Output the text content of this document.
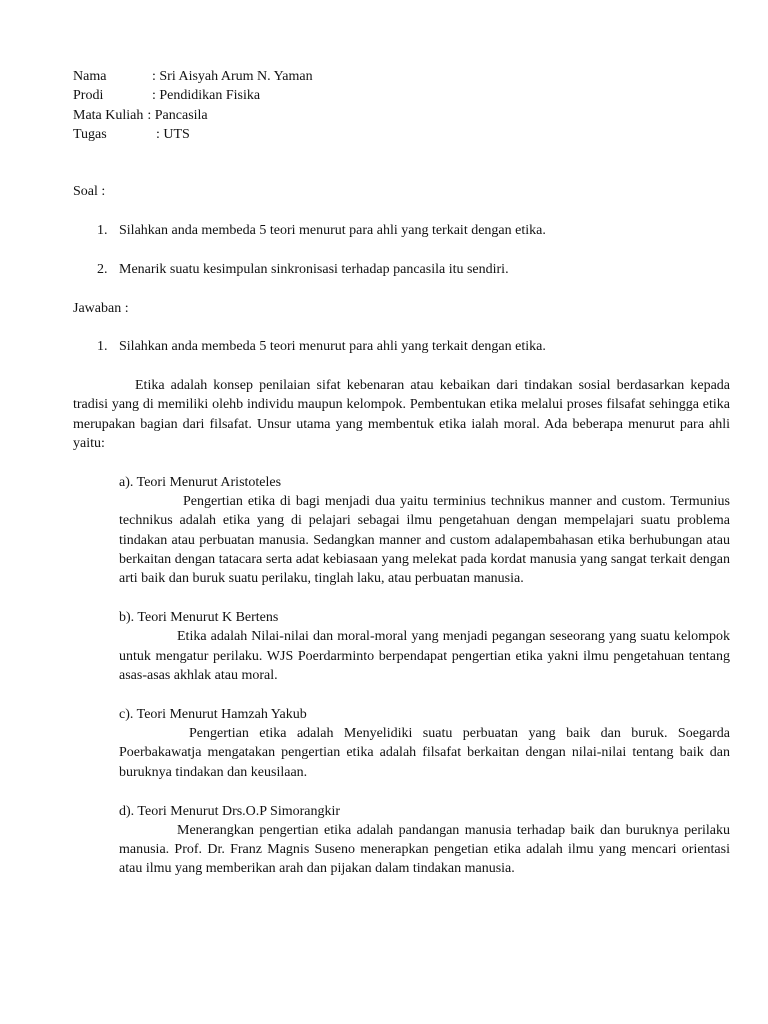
Nama	: Sri Aisyah Arum N. Yaman
Prodi	: Pendidikan Fisika
Mata Kuliah : Pancasila
Tugas	: UTS

Soal :

1. Silahkan anda membeda 5 teori menurut para ahli yang terkait dengan etika.
2. Menarik suatu kesimpulan sinkronisasi terhadap pancasila itu sendiri.

Jawaban :

1. Silahkan anda membeda 5 teori menurut para ahli yang terkait dengan etika.

Etika adalah konsep penilaian sifat kebenaran atau kebaikan dari tindakan sosial berdasarkan kepada tradisi yang di memiliki olehb individu maupun kelompok. Pembentukan etika melalui proses filsafat sehingga etika merupakan bagian dari filsafat. Unsur utama yang membentuk etika ialah moral. Ada beberapa menurut para ahli yaitu:

a). Teori Menurut Aristoteles

Pengertian etika di bagi menjadi dua yaitu terminius technikus manner and custom. Termunius technikus adalah etika yang di pelajari sebagai ilmu pengetahuan dengan mempelajari suatu problema tindakan atau perbuatan manusia. Sedangkan manner and custom adalapembahasan etika berhubungan atau berkaitan dengan tatacara serta adat kebiasaan yang melekat pada kordat manusia yang sangat terkait dengan arti baik dan buruk suatu perilaku, tinglah laku, atau perbuatan manusia.

b). Teori Menurut K Bertens

Etika adalah Nilai-nilai dan moral-moral yang menjadi pegangan seseorang yang suatu kelompok untuk mengatur perilaku. WJS Poerdarminto berpendapat pengertian etika yakni ilmu pengetahuan tentang asas-asas akhlak atau moral.

c). Teori Menurut Hamzah Yakub

Pengertian etika adalah Menyelidiki suatu perbuatan yang baik dan buruk. Soegarda Poerbakawatja mengatakan pengertian etika adalah filsafat berkaitan dengan nilai-nilai tentang baik dan buruknya tindakan dan keusilaan.

d). Teori Menurut Drs.O.P Simorangkir

Menerangkan pengertian etika adalah pandangan manusia terhadap baik dan buruknya perilaku manusia. Prof. Dr. Franz Magnis Suseno menerapkan pengetian etika adalah ilmu yang mencari orientasi atau ilmu yang memberikan arah dan pijakan dalam tindakan manusia.
